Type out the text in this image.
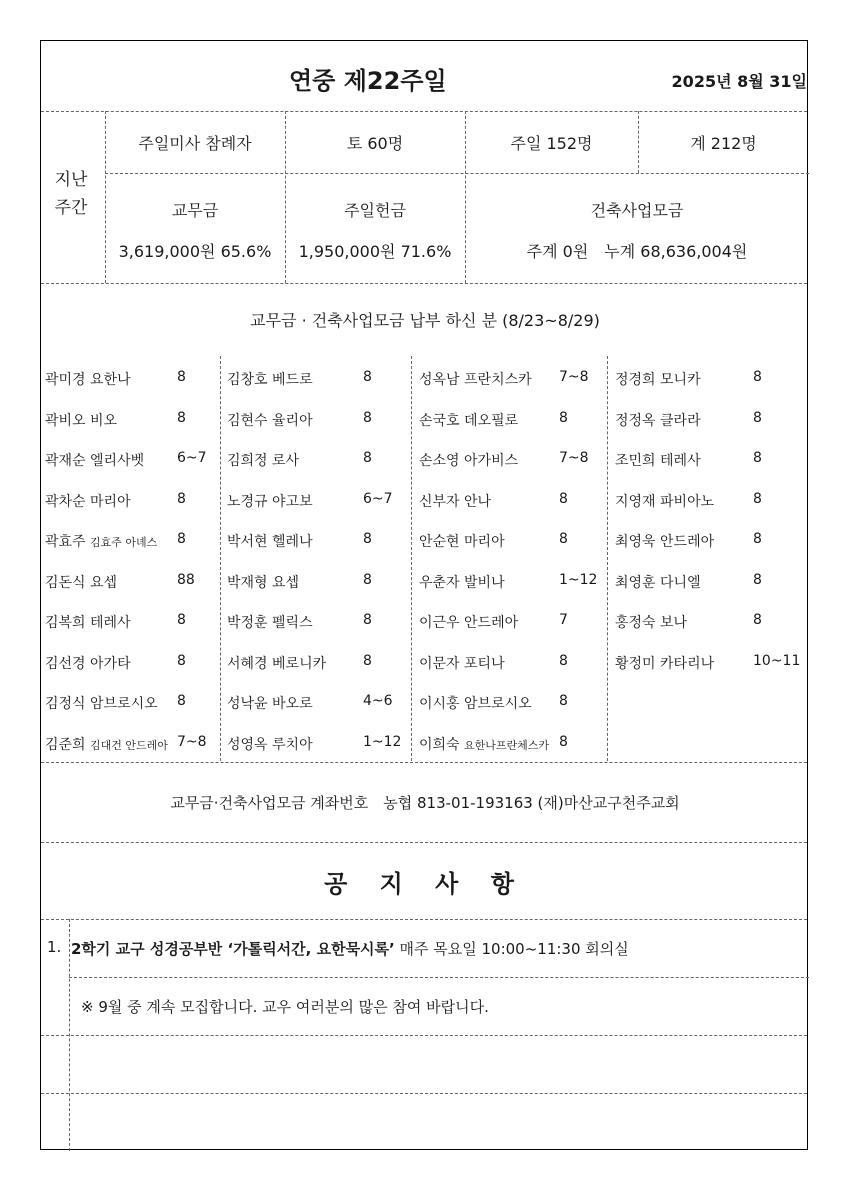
연중 제22주일	2025년 8월 31일
지난
주간
주일미사 참례자	토 60명	주일 152명	계 212명
교무금
3,619,000원 65.6%
주일헌금
1,950,000원 71.6%
건축사업모금
주계 0원　누계 68,636,004원
교무금 · 건축사업모금 납부 하신 분 (8/23~8/29)
곽미경 요한나	8
곽비오 비오	8
곽재순 엘리사벳 6~7
곽차순 마리아	8
곽효주 김효주 아녜스 8
김돈식 요셉	88
김복희 테레사	8
김선경 아가타	8
김정식 암브로시오 8
김준희 김대건 안드레아 7~8
김창호 베드로	8
김현수 율리아	8
김희정 로사	8
노경규 야고보	6~7
박서현 헬레나	8
박재형 요셉	8
박정훈 펠릭스	8
서혜경 베로니카	8
성낙윤 바오로	4~6
성영옥 루치아	1~12
성옥남 프란치스카 7~8
손국호 데오필로	8
손소영 아가비스	7~8
신부자 안나	8
안순현 마리아	8
우춘자 발비나	1~12
이근우 안드레아	7
이문자 포티나	8
이시홍 암브로시오 8
이희숙 요한나프란체스카 8
정경희 모니카	8
정정옥 클라라	8
조민희 테레사	8
지영재 파비아노	8
최영욱 안드레아	8
최영훈 다니엘	8
홍정숙 보나	8
황정미 카타리나	10~11
교무금·건축사업모금 계좌번호　농협 813-01-193163 (재)마산교구천주교회
공 지 사 항
1. 2학기 교구 성경공부반 ‘가톨릭서간, 요한묵시록’ 매주 목요일 10:00~11:30 회의실
※ 9월 중 계속 모집합니다. 교우 여러분의 많은 참여 바랍니다.
